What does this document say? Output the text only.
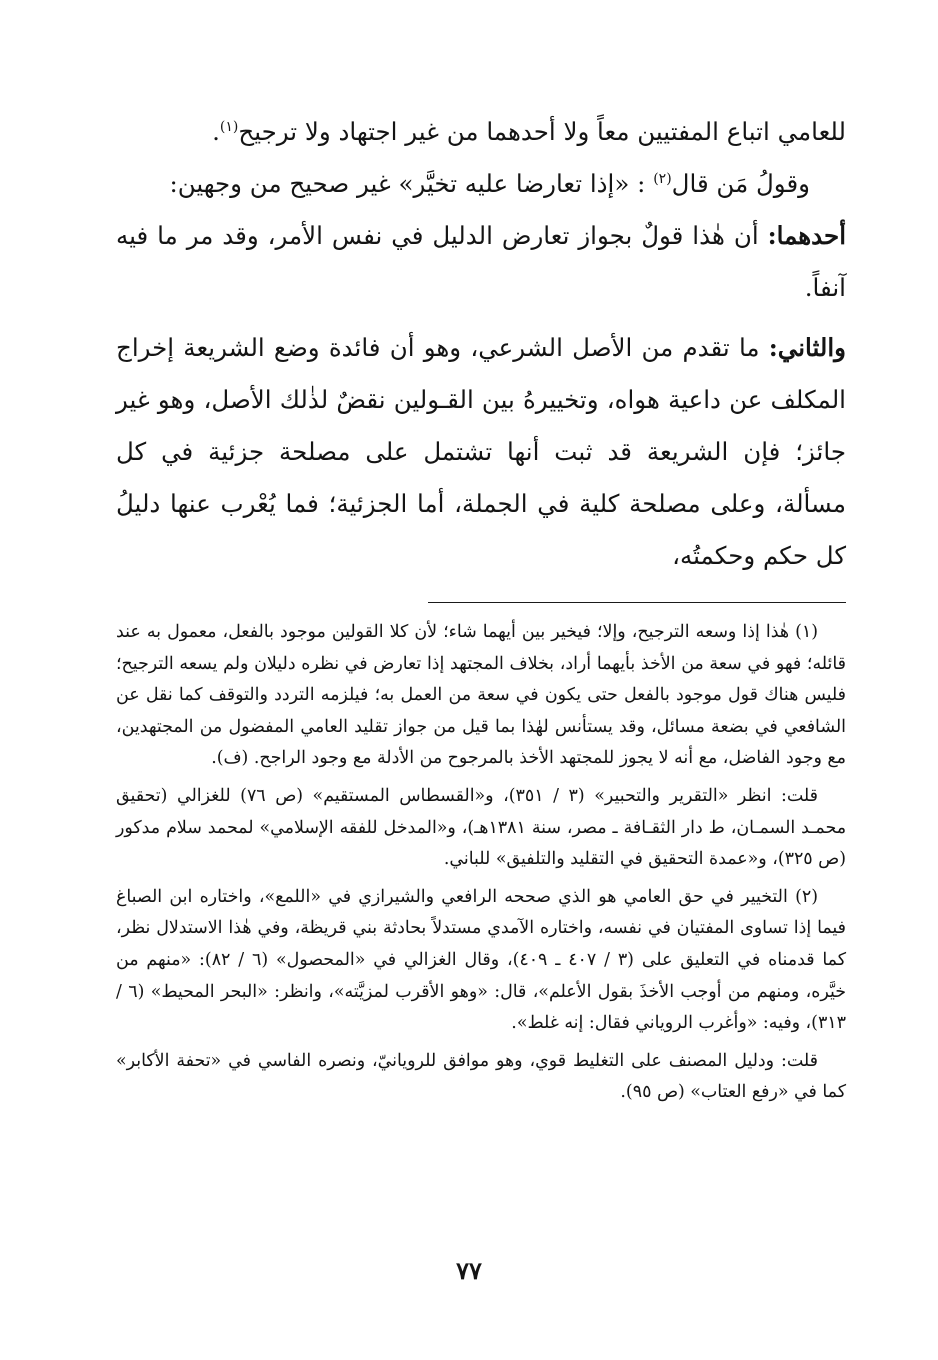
للعامي اتباع المفتيين معاً ولا أحدهما من غير اجتهاد ولا ترجيح$^{(١)}$.

وقولُ مَن قال$^{(٢)}$ : «إذا تعارضا عليه تخيَّر» غير صحيح من وجهين:

أحدهما: أن هٰذا قولٌ بجواز تعارض الدليل في نفس الأمر، وقد مر ما فيه آنفاً.

والثاني: ما تقدم من الأصل الشرعي، وهو أن فائدة وضع الشريعة إخراج المكلف عن داعية هواه، وتخييرهُ بين القـولين نقضٌ لذٰلك الأصل، وهو غير جائز؛ فإن الشريعة قد ثبت أنها تشتمل على مصلحة جزئية في كل مسألة، وعلى مصلحة كلية في الجملة، أما الجزئية؛ فما يُعْرب عنها دليلُ كل حكم وحكمتُه،

(١) هٰذا إذا وسعه الترجيح، وإلا؛ فيخير بين أيهما شاء؛ لأن كلا القولين موجود بالفعل، معمول به عند قائله؛ فهو في سعة من الأخذ بأيهما أراد، بخلاف المجتهد إذا تعارض في نظره دليلان ولم يسعه الترجيح؛ فليس هناك قول موجود بالفعل حتى يكون في سعة من العمل به؛ فيلزمه التردد والتوقف كما نقل عن الشافعي في بضعة مسائل، وقد يستأنس لهٰذا بما قيل من جواز تقليد العامي المفضول من المجتهدين، مع وجود الفاضل، مع أنه لا يجوز للمجتهد الأخذ بالمرجوح من الأدلة مع وجود الراجح. (ف).

قلت: انظر «التقرير والتحبير» (٣ / ٣٥١)، و«القسطاس المستقيم» (ص ٧٦) للغزالي (تحقيق محمـد السمـان، ط دار الثقـافة ـ مصر، سنة ١٣٨١هـ)، و«المدخل للفقه الإسلامي» لمحمد سلام مدكور (ص ٣٢٥)، و«عمدة التحقيق في التقليد والتلفيق» للباني.

(٢) التخيير في حق العامي هو الذي صححه الرافعي والشيرازي في «اللمع»، واختاره ابن الصباغ فيما إذا تساوى المفتيان في نفسه، واختاره الآمدي مستدلاً بحادثة بني قريظة، وفي هٰذا الاستدلال نظر، كما قدمناه في التعليق على (٣ / ٤٠٧ ـ ٤٠٩)، وقال الغزالي في «المحصول» (٦ / ٨٢): «منهم من خيَّره، ومنهم من أوجب الأخذَ بقول الأعلم»، قال: «وهو الأقرب لمزيَّته»، وانظر: «البحر المحيط» (٦ / ٣١٣)، وفيه: «وأغرب الروياني فقال: إنه غلط».

قلت: ودليل المصنف على التغليط قوي، وهو موافق للرويانيّ، ونصره الفاسي في «تحفة الأكابر» كما في «رفع العتاب» (ص ٩٥).

٧٧
